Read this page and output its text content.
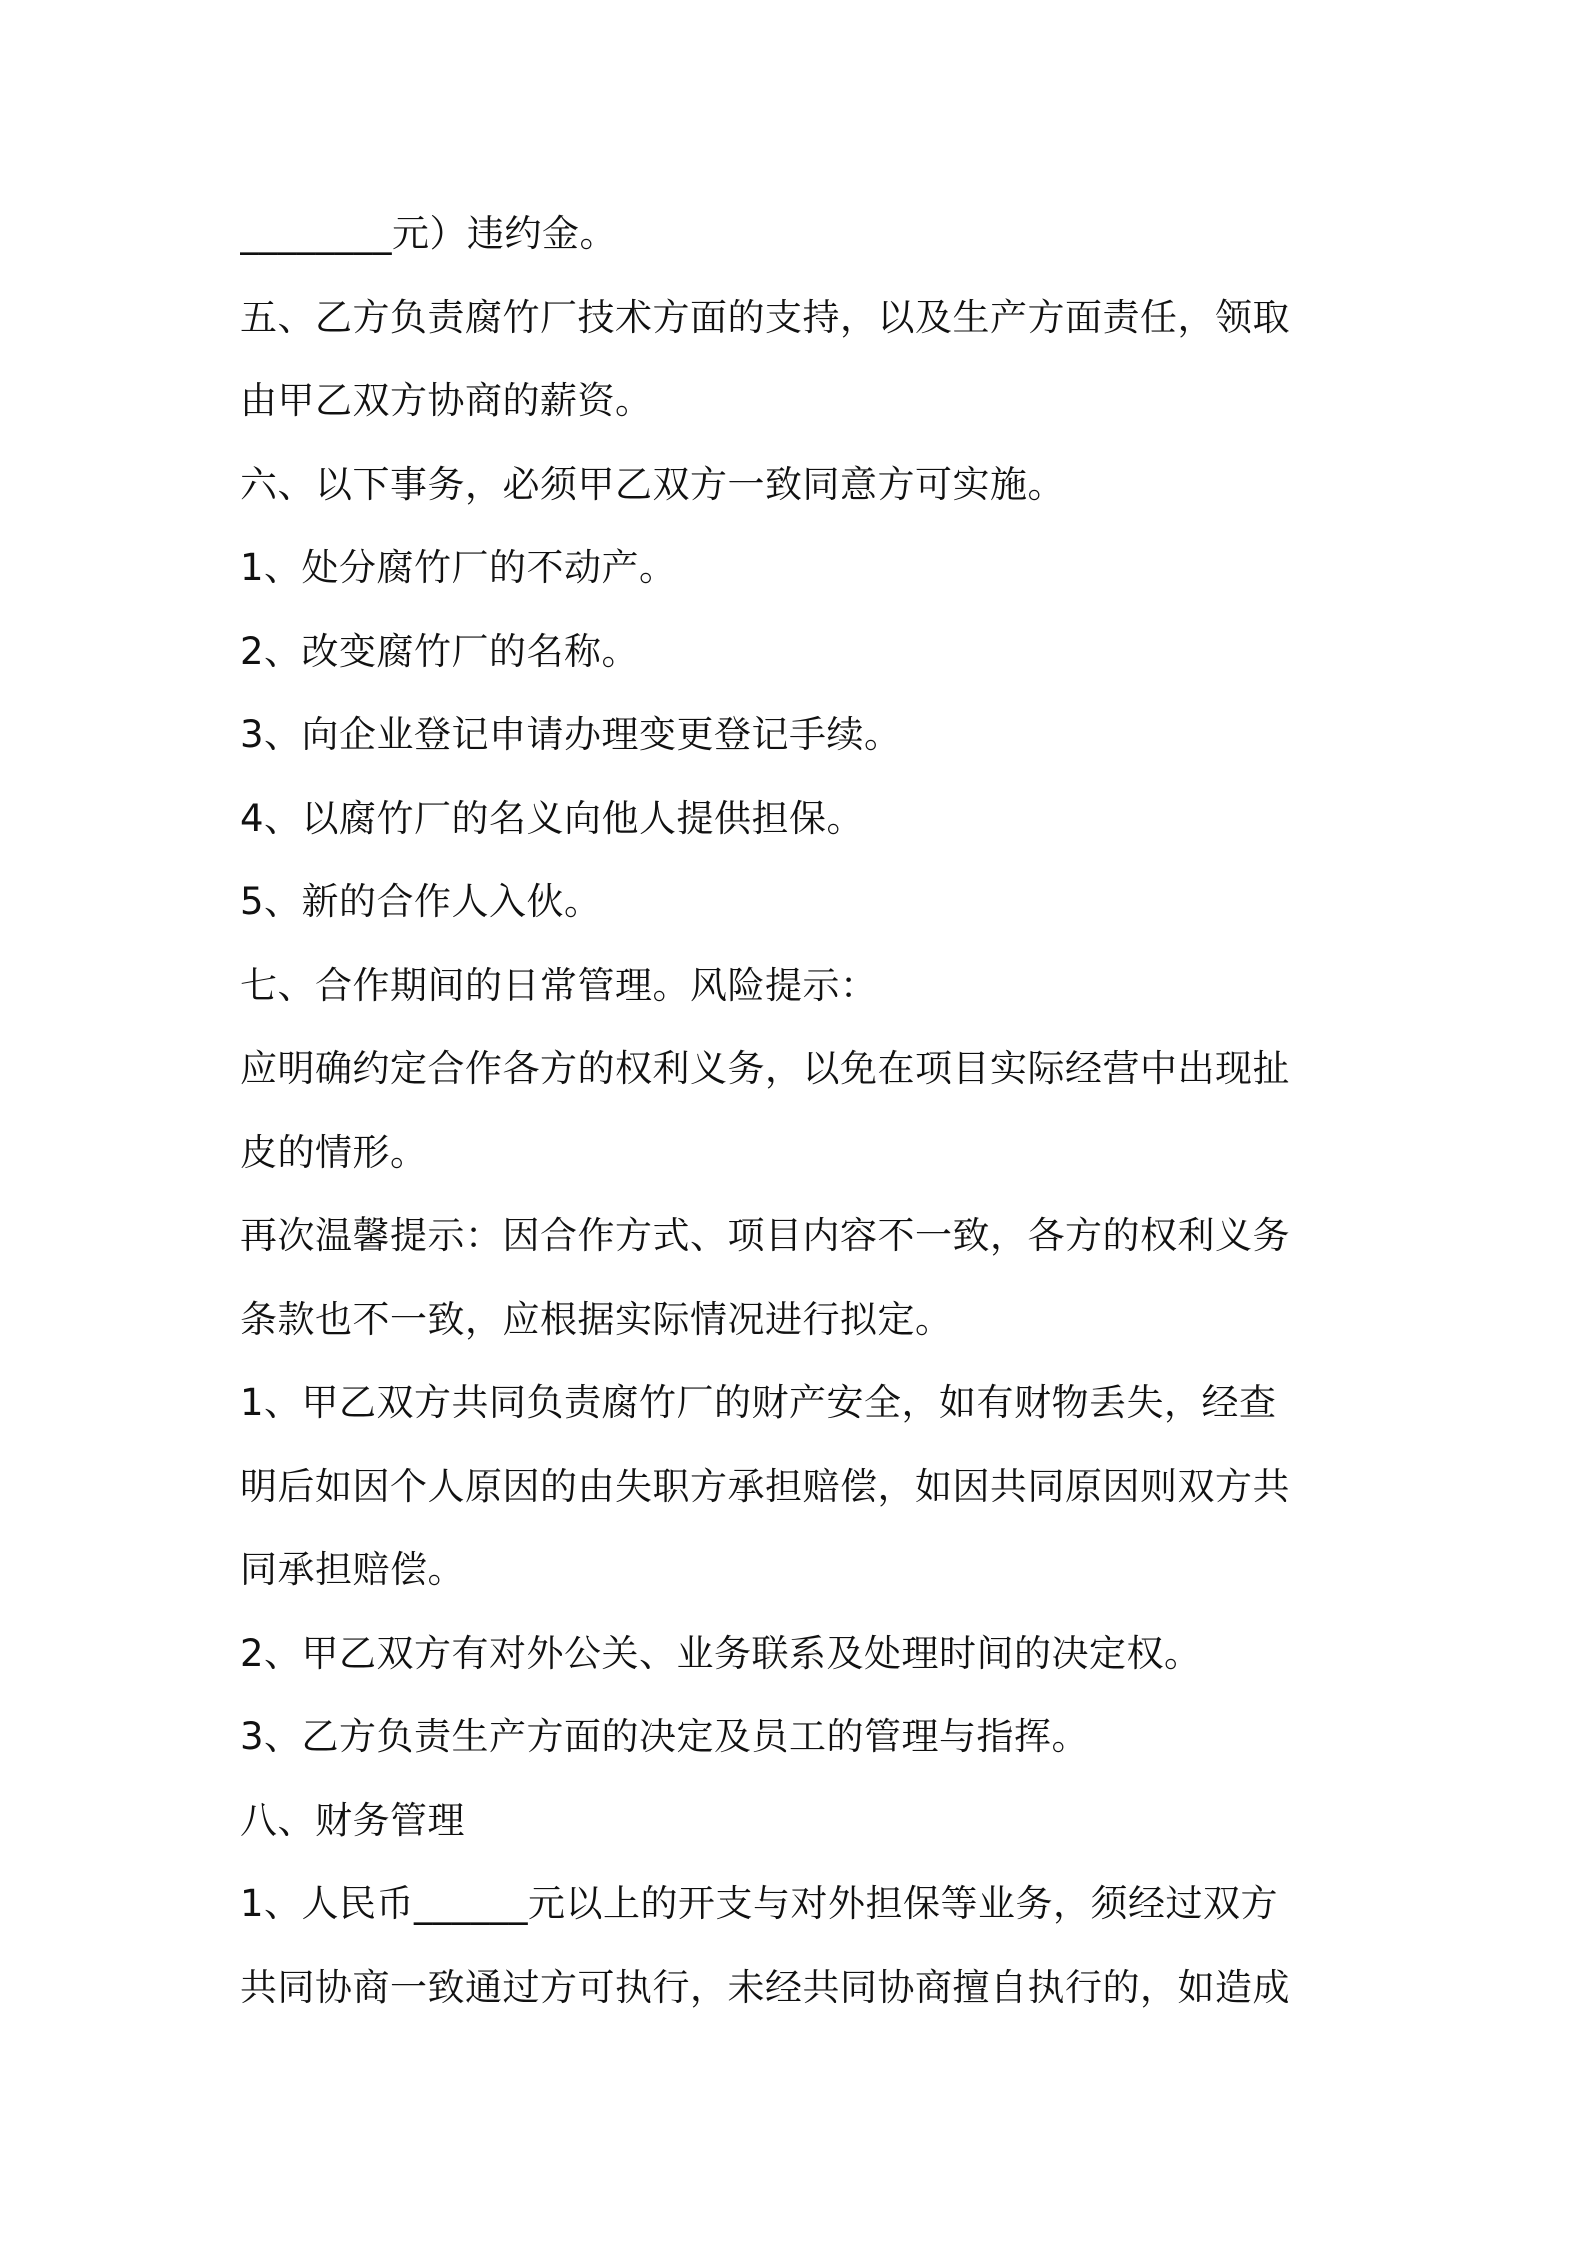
________元）违约金。
五、乙方负责腐竹厂技术方面的支持，以及生产方面责任，领取
由甲乙双方协商的薪资。
六、以下事务，必须甲乙双方一致同意方可实施。
1、处分腐竹厂的不动产。
2、改变腐竹厂的名称。
3、向企业登记申请办理变更登记手续。
4、以腐竹厂的名义向他人提供担保。
5、新的合作人入伙。
七、合作期间的日常管理。风险提示：
应明确约定合作各方的权利义务，以免在项目实际经营中出现扯
皮的情形。
再次温馨提示：因合作方式、项目内容不一致，各方的权利义务
条款也不一致，应根据实际情况进行拟定。
1、甲乙双方共同负责腐竹厂的财产安全，如有财物丢失，经查
明后如因个人原因的由失职方承担赔偿，如因共同原因则双方共
同承担赔偿。
2、甲乙双方有对外公关、业务联系及处理时间的决定权。
3、乙方负责生产方面的决定及员工的管理与指挥。
八、财务管理
1、人民币______元以上的开支与对外担保等业务，须经过双方
共同协商一致通过方可执行，未经共同协商擅自执行的，如造成
